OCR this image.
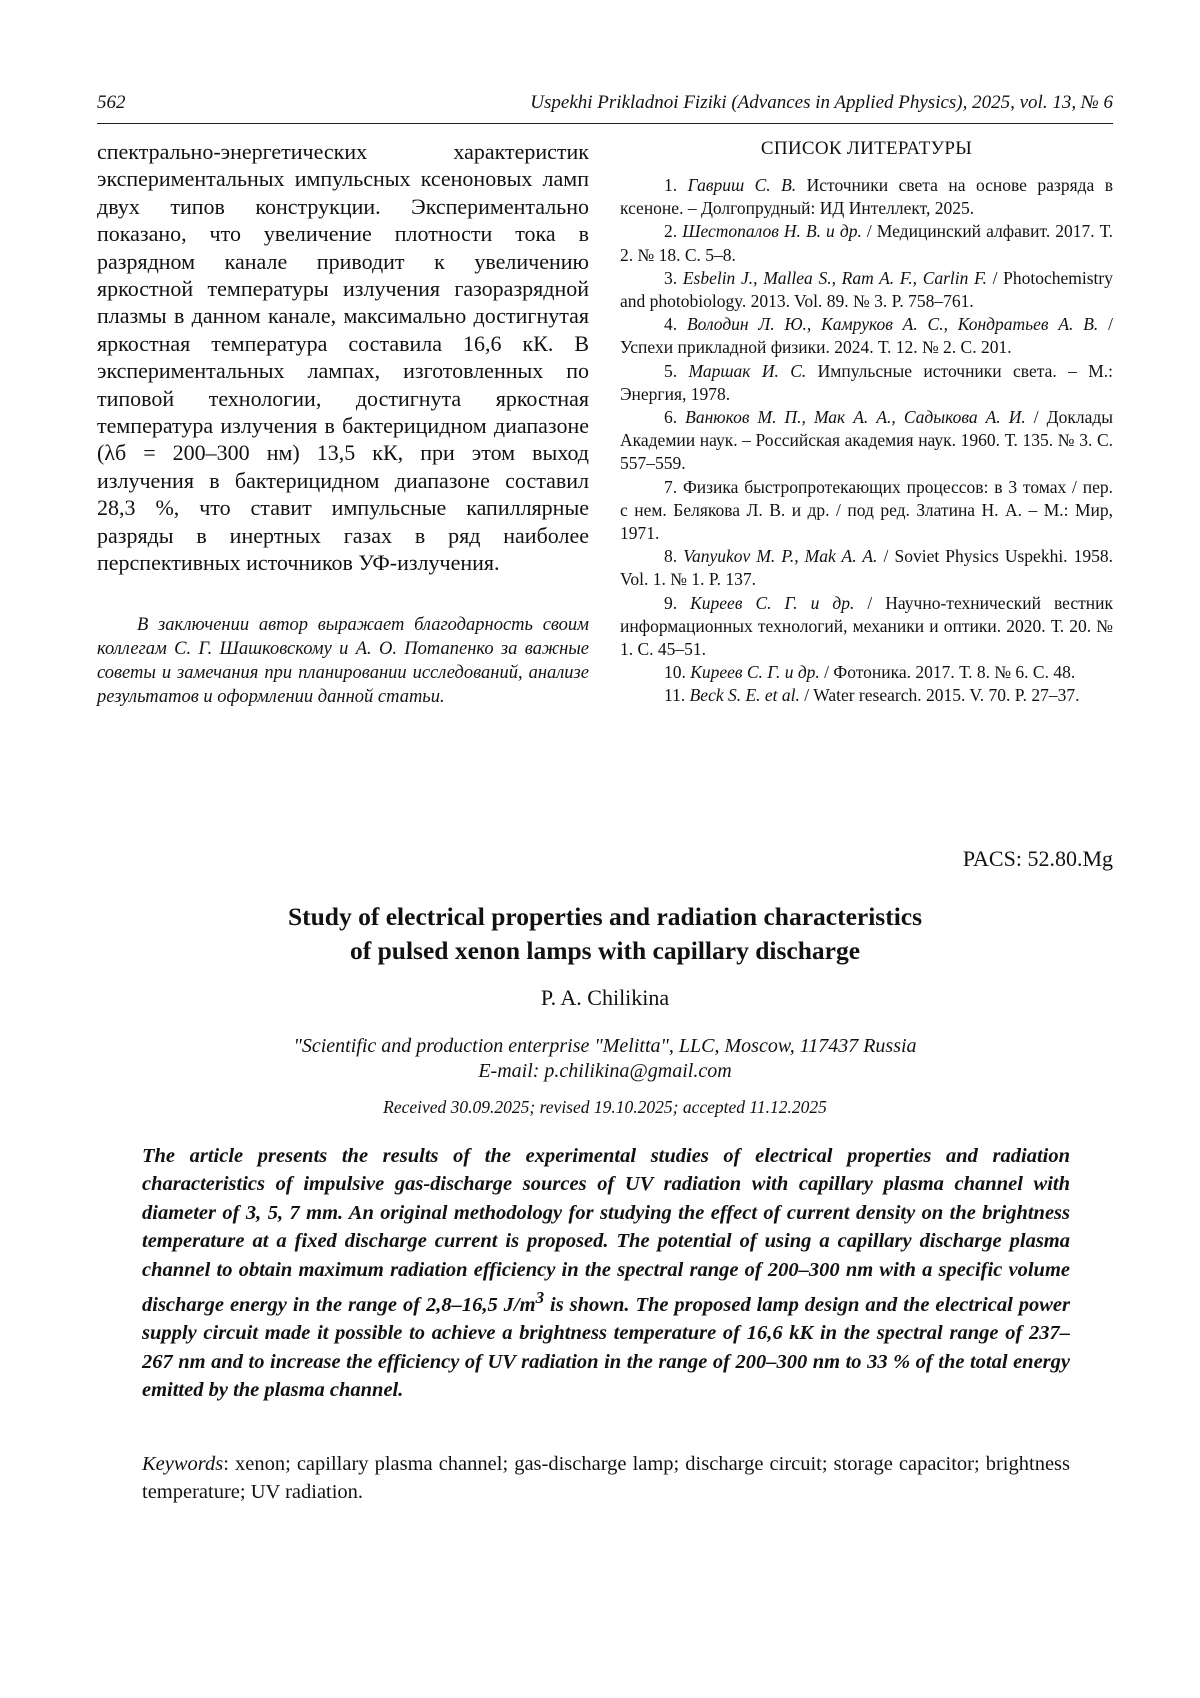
562	Uspekhi Prikladnoi Fiziki (Advances in Applied Physics), 2025, vol. 13, № 6

спектрально-энергетических характеристик экспериментальных импульсных ксеноновых ламп двух типов конструкции. Экспериментально показано, что увеличение плотности тока в разрядном канале приводит к увеличению яркостной температуры излучения газоразрядной плазмы в данном канале, максимально достигнутая яркостная температура составила 16,6 кК. В экспериментальных лампах, изготовленных по типовой технологии, достигнута яркостная температура излучения в бактерицидном диапазоне (λб = 200–300 нм) 13,5 кК, при этом выход излучения в бактерицидном диапазоне составил 28,3 %, что ставит импульсные капиллярные разряды в инертных газах в ряд наиболее перспективных источников УФ-излучения.

В заключении автор выражает благодарность своим коллегам С. Г. Шашковскому и А. О. Потапенко за важные советы и замечания при планировании исследований, анализе результатов и оформлении данной статьи.
СПИСОК ЛИТЕРАТУРЫ

1. Гавриш С. В. Источники света на основе разряда в ксеноне. – Долгопрудный: ИД Интеллект, 2025.

2. Шестопалов Н. В. и др. / Медицинский алфавит. 2017. Т. 2. № 18. С. 5–8.

3. Esbelin J., Mallea S., Ram A. F., Carlin F. / Photochemistry and photobiology. 2013. Vol. 89. № 3. P. 758–761.

4. Володин Л. Ю., Камруков А. С., Кондратьев А. В. / Успехи прикладной физики. 2024. Т. 12. № 2. С. 201.

5. Маршак И. С. Импульсные источники света. – М.: Энергия, 1978.

6. Ванюков М. П., Мак А. А., Садыкова А. И. / Доклады Академии наук. – Российская академия наук. 1960. Т. 135. № 3. С. 557–559.

7. Физика быстропротекающих процессов: в 3 томах / пер. с нем. Белякова Л. В. и др. / под ред. Златина Н. А. – М.: Мир, 1971.

8. Vanyukov M. P., Mak A. A. / Soviet Physics Uspekhi. 1958. Vol. 1. № 1. P. 137.

9. Киреев С. Г. и др. / Научно-технический вестник информационных технологий, механики и оптики. 2020. Т. 20. № 1. С. 45–51.

10. Киреев С. Г. и др. / Фотоника. 2017. Т. 8. № 6. С. 48.

11. Beck S. E. et al. / Water research. 2015. V. 70. P. 27–37.

PACS: 52.80.Mg
Study of electrical properties and radiation characteristics
of pulsed xenon lamps with capillary discharge
P. A. Chilikina
"Scientific and production enterprise "Melitta", LLC, Moscow, 117437 Russia
E-mail: p.chilikina@gmail.com
Received 30.09.2025; revised 19.10.2025; accepted 11.12.2025
The article presents the results of the experimental studies of electrical properties and radiation characteristics of impulsive gas-discharge sources of UV radiation with capillary plasma channel with diameter of 3, 5, 7 mm. An original methodology for studying the effect of current density on the brightness temperature at a fixed discharge current is proposed. The potential of using a capillary discharge plasma channel to obtain maximum radiation efficiency in the spectral range of 200–300 nm with a specific volume discharge energy in the range of 2,8–16,5 J/m3 is shown. The proposed lamp design and the electrical power supply circuit made it possible to achieve a brightness temperature of 16,6 kK in the spectral range of 237–267 nm and to increase the efficiency of UV radiation in the range of 200–300 nm to 33 % of the total energy emitted by the plasma channel.
Keywords: xenon; capillary plasma channel; gas-discharge lamp; discharge circuit; storage capacitor; brightness temperature; UV radiation.
